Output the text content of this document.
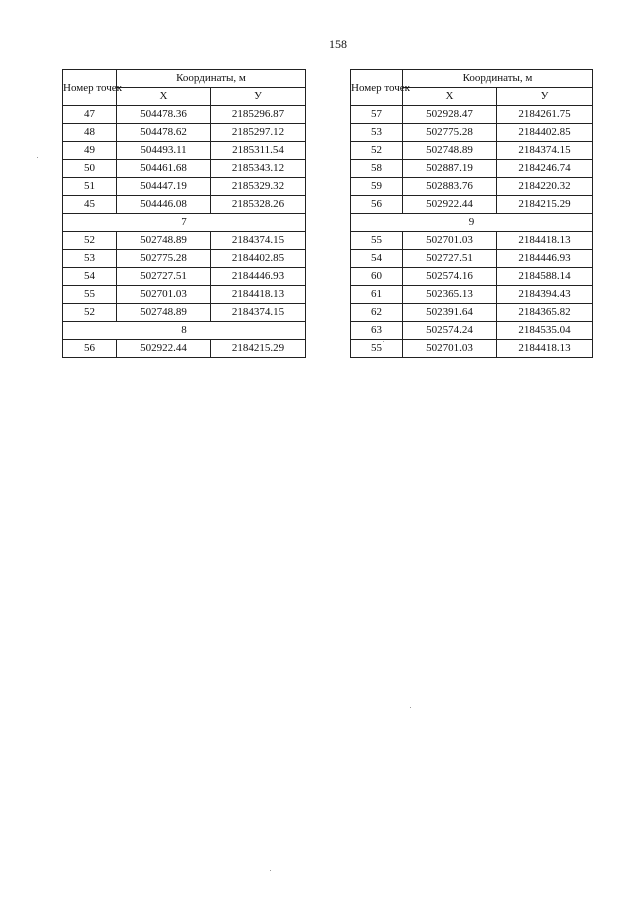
158
Номер точек	Координаты, м	
	X	У
47	504478.36	2185296.87
48	504478.62	2185297.12
49	504493.11	2185311.54
50	504461.68	2185343.12
51	504447.19	2185329.32
45	504446.08	2185328.26
7		
52	502748.89	2184374.15
53	502775.28	2184402.85
54	502727.51	2184446.93
55	502701.03	2184418.13
52	502748.89	2184374.15
8		
56	502922.44	2184215.29
Номер точек	Координаты, м	
	X	У
57	502928.47	2184261.75
53	502775.28	2184402.85
52	502748.89	2184374.15
58	502887.19	2184246.74
59	502883.76	2184220.32
56	502922.44	2184215.29
9		
55	502701.03	2184418.13
54	502727.51	2184446.93
60	502574.16	2184588.14
61	502365.13	2184394.43
62	502391.64	2184365.82
63	502574.24	2184535.04
55	502701.03	2184418.13
